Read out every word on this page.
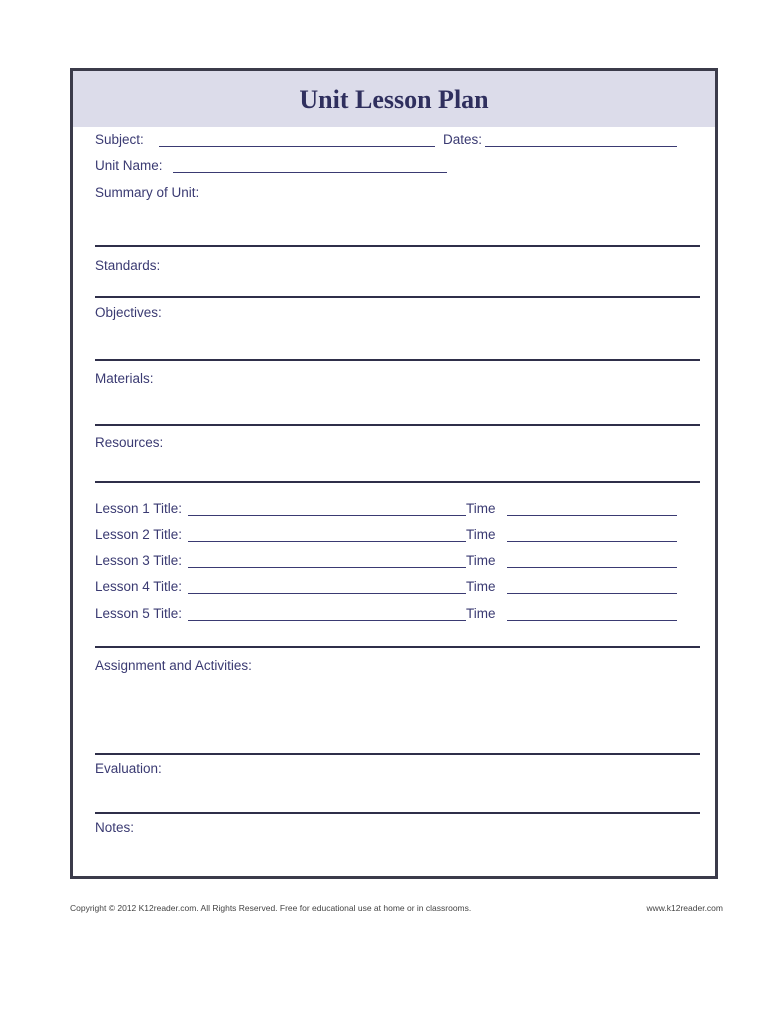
Unit Lesson Plan
Subject:	Dates:
Unit Name:
Summary of Unit:
Standards:
Objectives:
Materials:
Resources:
Lesson 1 Title:	Time
Lesson 2 Title:	Time
Lesson 3 Title:	Time
Lesson 4 Title:	Time
Lesson 5 Title:	Time
Assignment and Activities:
Evaluation:
Notes:
Copyright © 2012 K12reader.com. All Rights Reserved. Free for educational use at home or in classrooms.	www.k12reader.com
